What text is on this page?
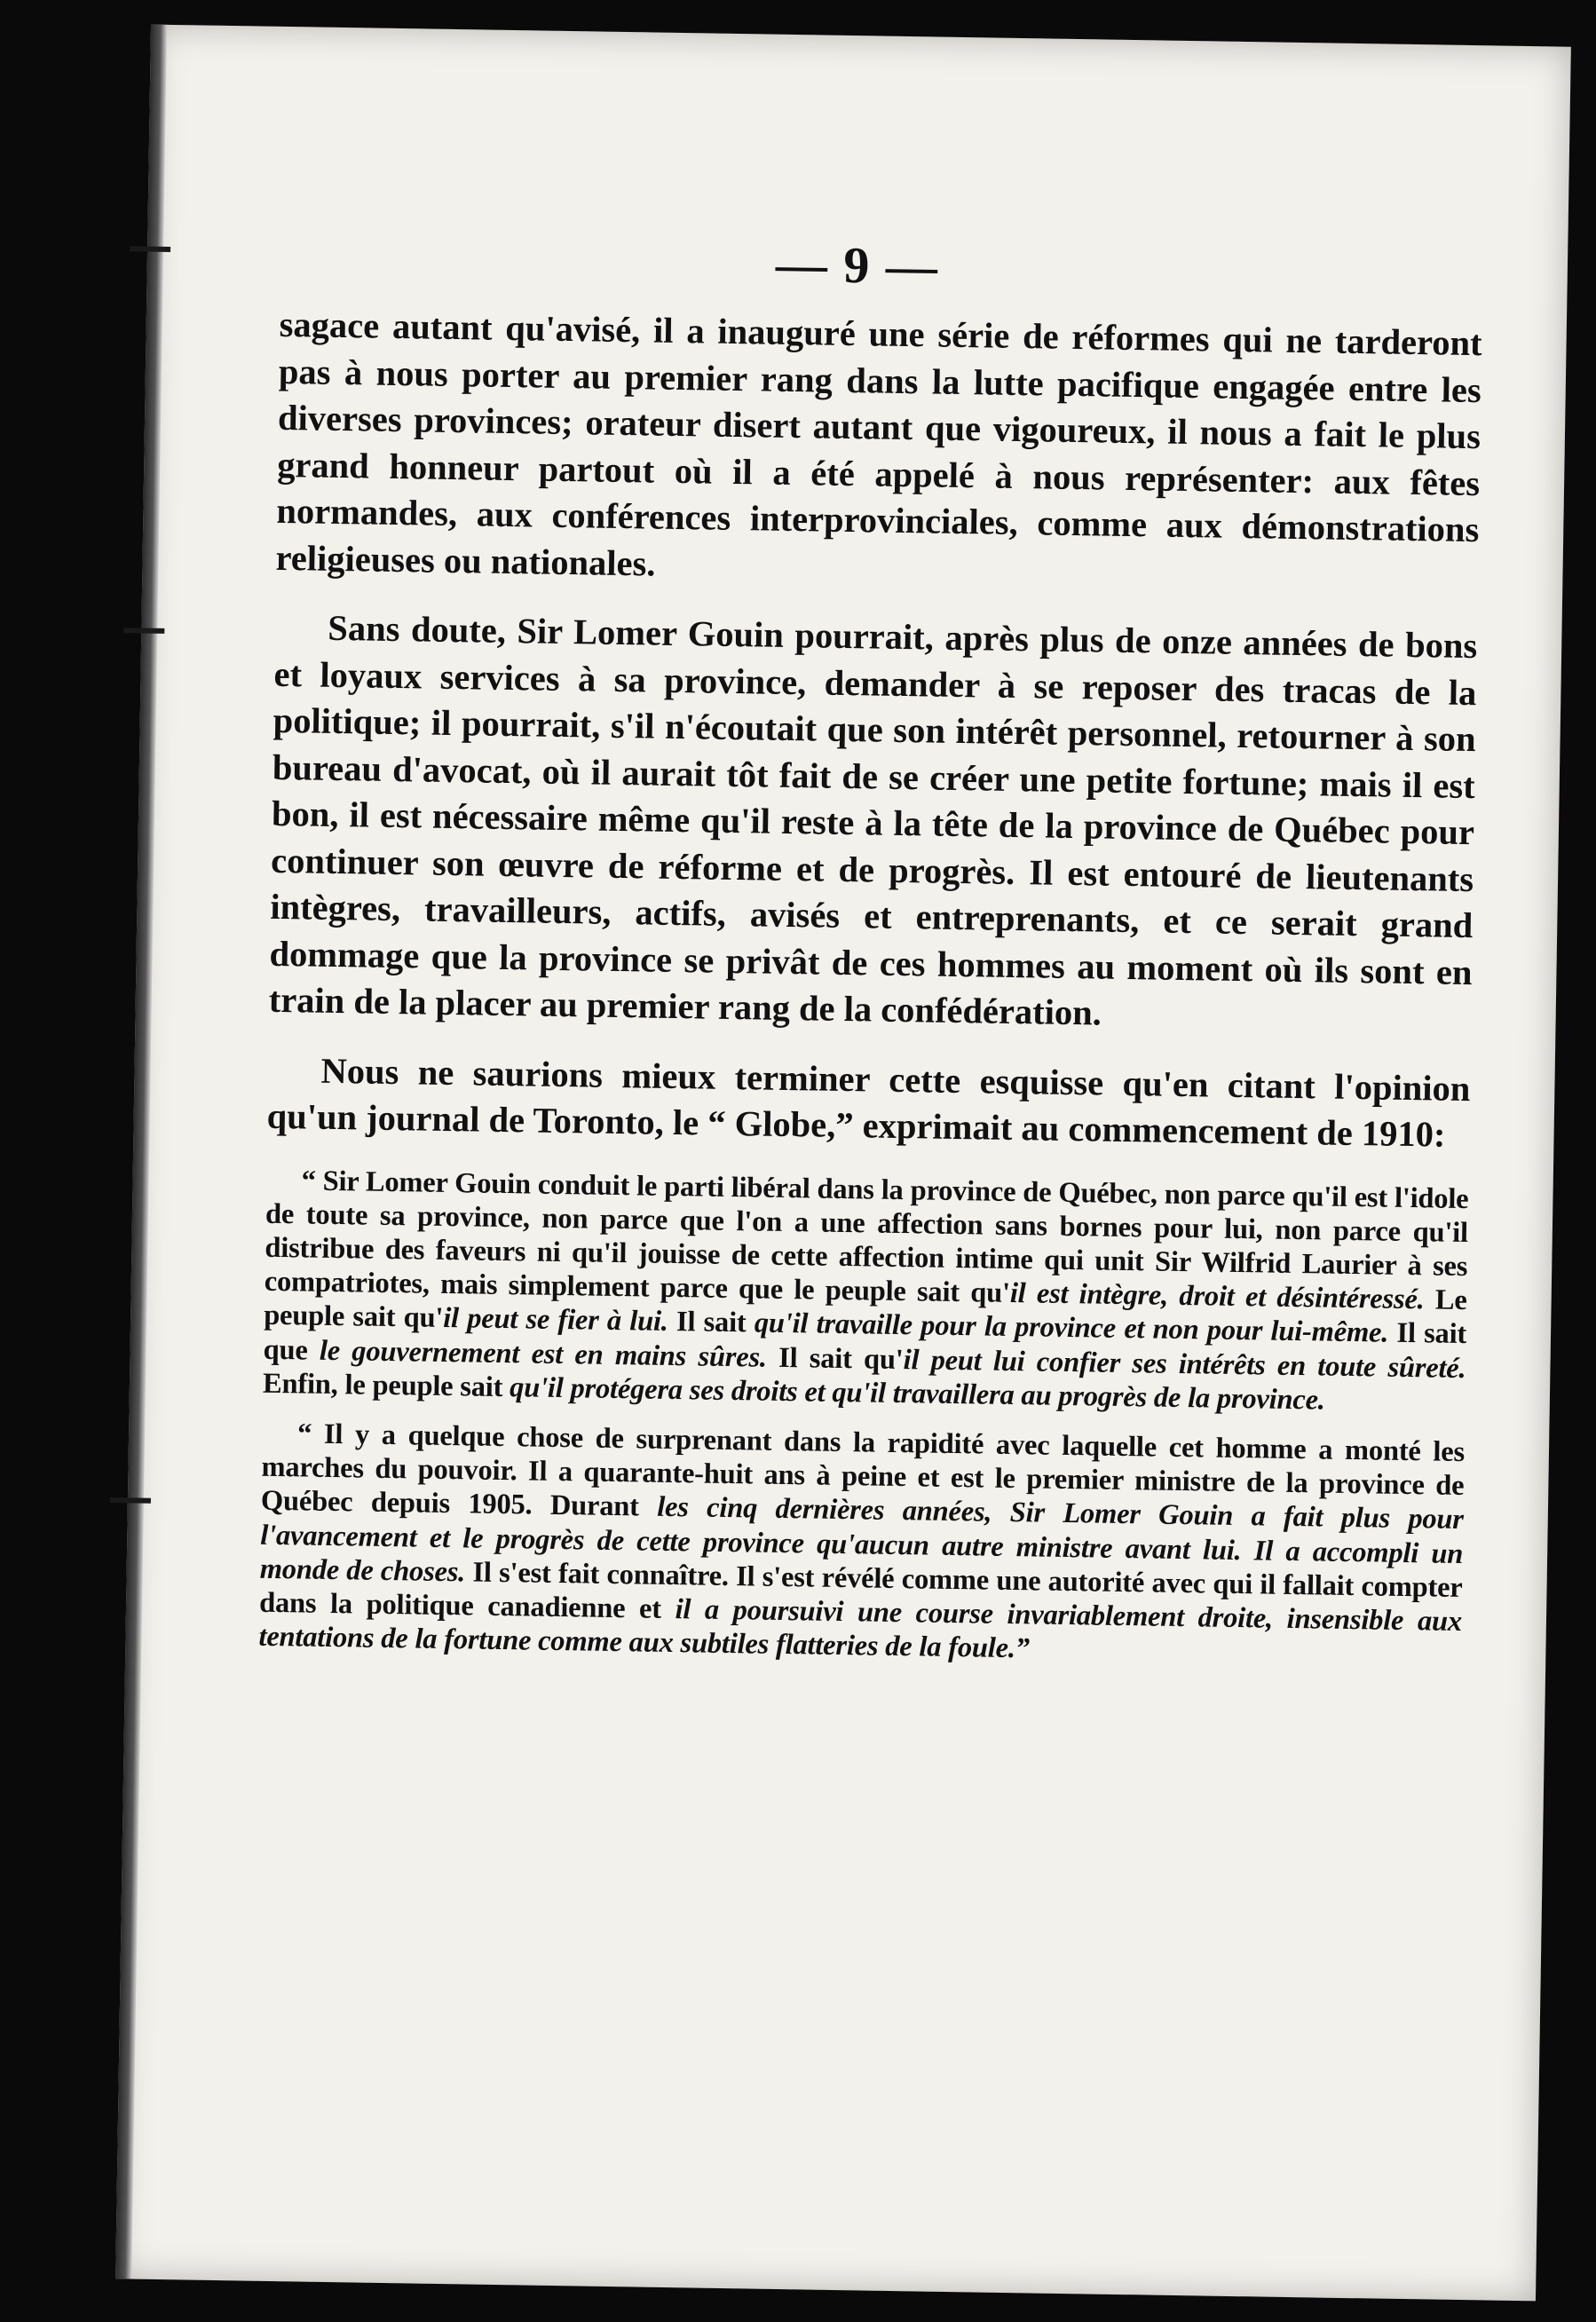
— 9 —

sagace autant qu'avisé, il a inauguré une série de réformes qui ne tarderont pas à nous porter au premier rang dans la lutte pacifique engagée entre les diverses provinces; orateur disert autant que vigoureux, il nous a fait le plus grand honneur partout où il a été appelé à nous représenter: aux fêtes normandes, aux conférences interprovinciales, comme aux démonstrations religieuses ou nationales.

Sans doute, Sir Lomer Gouin pourrait, après plus de onze années de bons et loyaux services à sa province, demander à se reposer des tracas de la politique; il pourrait, s'il n'écoutait que son intérêt personnel, retourner à son bureau d'avocat, où il aurait tôt fait de se créer une petite fortune; mais il est bon, il est nécessaire même qu'il reste à la tête de la province de Québec pour continuer son œuvre de réforme et de progrès. Il est entouré de lieutenants intègres, travailleurs, actifs, avisés et entreprenants, et ce serait grand dommage que la province se privât de ces hommes au moment où ils sont en train de la placer au premier rang de la confédération.

Nous ne saurions mieux terminer cette esquisse qu'en citant l'opinion qu'un journal de Toronto, le “ Globe,” exprimait au commencement de 1910:

“ Sir Lomer Gouin conduit le parti libéral dans la province de Québec, non parce qu'il est l'idole de toute sa province, non parce que l'on a une affection sans bornes pour lui, non parce qu'il distribue des faveurs ni qu'il jouisse de cette affection intime qui unit Sir Wilfrid Laurier à ses compatriotes, mais simplement parce que le peuple sait qu'il est intègre, droit et désintéressé. Le peuple sait qu'il peut se fier à lui. Il sait qu'il travaille pour la province et non pour lui-même. Il sait que le gouvernement est en mains sûres. Il sait qu'il peut lui confier ses intérêts en toute sûreté. Enfin, le peuple sait qu'il protégera ses droits et qu'il travaillera au progrès de la province.

“ Il y a quelque chose de surprenant dans la rapidité avec laquelle cet homme a monté les marches du pouvoir. Il a quarante-huit ans à peine et est le premier ministre de la province de Québec depuis 1905. Durant les cinq dernières années, Sir Lomer Gouin a fait plus pour l'avancement et le progrès de cette province qu'aucun autre ministre avant lui. Il a accompli un monde de choses. Il s'est fait connaître. Il s'est révélé comme une autorité avec qui il fallait compter dans la politique canadienne et il a poursuivi une course invariablement droite, insensible aux tentations de la fortune comme aux subtiles flatteries de la foule.”
